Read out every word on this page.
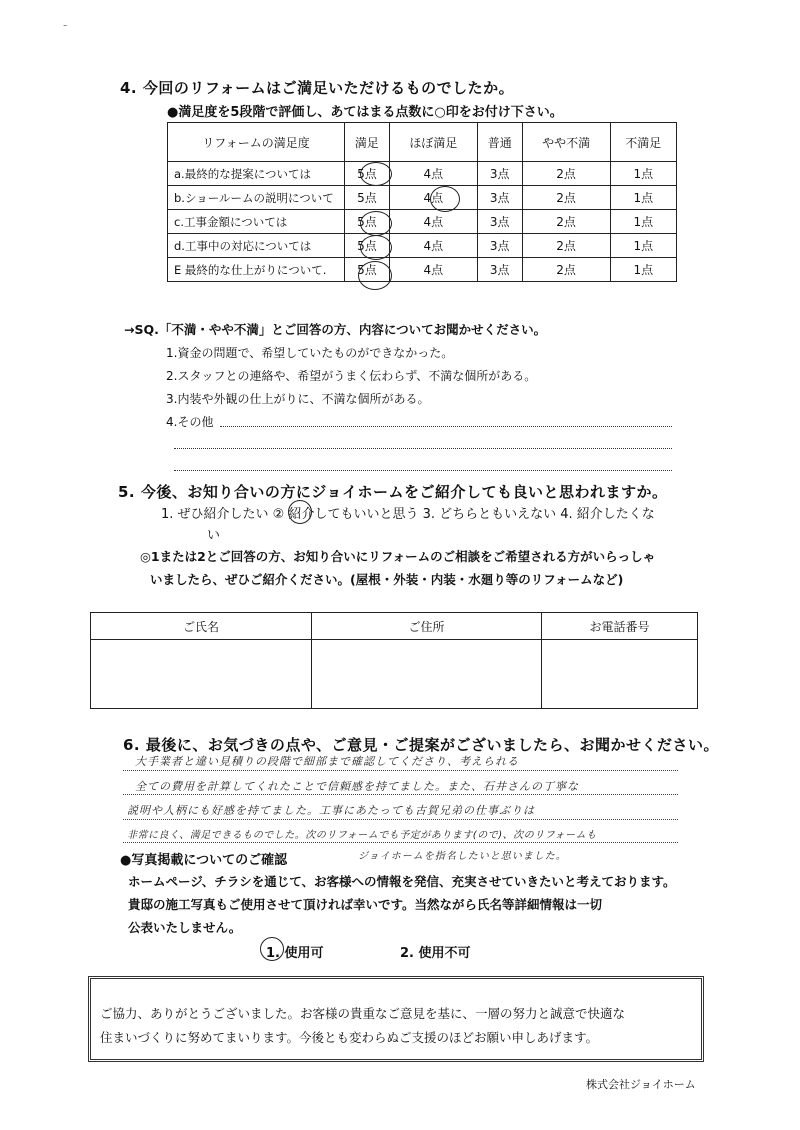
-
4. 今回のリフォームはご満足いただけるものでしたか。
●満足度を5段階で評価し、あてはまる点数に○印をお付け下さい。
リフォームの満足度	満足	ほぼ満足	普通	やや不満	不満足
a.最終的な提案については	5点	4点	3点	2点	1点
b.ショールームの説明について	5点	4点	3点	2点	1点
c.工事金額については	5点	4点	3点	2点	1点
d.工事中の対応については	5点	4点	3点	2点	1点
E 最終的な仕上がりについて.	5点	4点	3点	2点	1点
→SQ.「不満・やや不満」とご回答の方、内容についてお聞かせください。
1.資金の問題で、希望していたものができなかった。
2.スタッフとの連絡や、希望がうまく伝わらず、不満な個所がある。
3.内装や外観の仕上がりに、不満な個所がある。
4.その他
5. 今後、お知り合いの方にジョイホームをご紹介しても良いと思われますか。
1. ぜひ紹介したい ② 紹介してもいいと思う 3. どちらともいえない 4. 紹介したくな
い
◎1または2とご回答の方、お知り合いにリフォームのご相談をご希望される方がいらっしゃ
いましたら、ぜひご紹介ください。(屋根・外装・内装・水廻り等のリフォームなど)
ご氏名	ご住所	お電話番号

6. 最後に、お気づきの点や、ご意見・ご提案がございましたら、お聞かせください。
大手業者と違い見積りの段階で細部まで確認してくださり、考えられる
全ての費用を計算してくれたことで信頼感を持てました。また、石井さんの丁寧な
説明や人柄にも好感を持てました。工事にあたっても古賀兄弟の仕事ぶりは
非常に良く、満足できるものでした。次のリフォームでも予定があります(ので)、次のリフォームも
ジョイホームを指名したいと思いました。
●写真掲載についてのご確認
ホームページ、チラシを通じて、お客様への情報を発信、充実させていきたいと考えております。
貴邸の施工写真もご使用させて頂ければ幸いです。当然ながら氏名等詳細情報は一切
公表いたしません。
1. 使用可	2. 使用不可
ご協力、ありがとうございました。お客様の貴重なご意見を基に、一層の努力と誠意で快適な
住まいづくりに努めてまいります。今後とも変わらぬご支援のほどお願い申しあげます。
株式会社ジョイホーム
